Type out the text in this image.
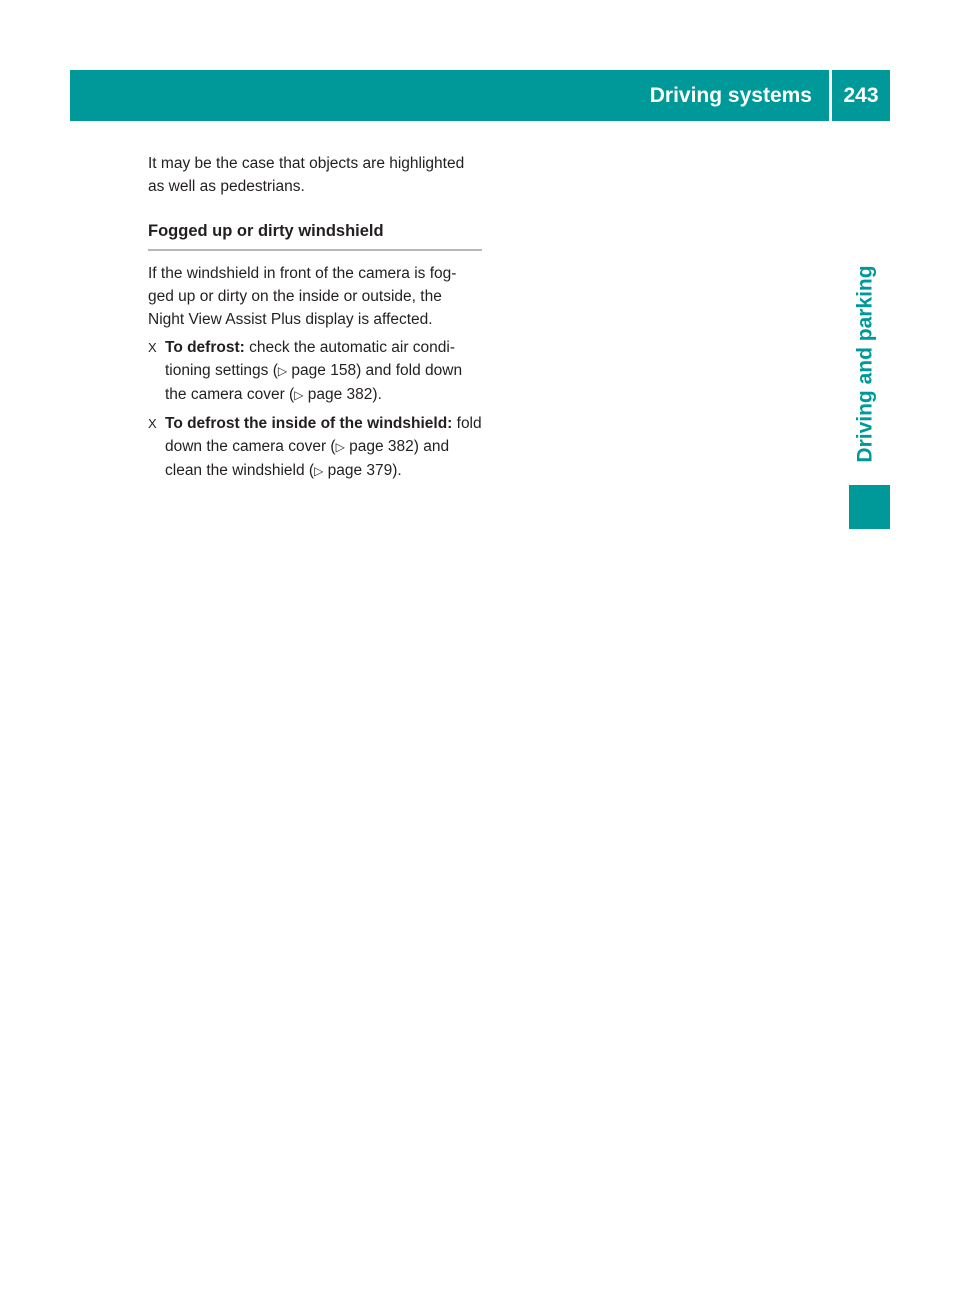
Driving systems	243
Driving and parking

It may be the case that objects are highlighted as well as pedestrians.

Fogged up or dirty windshield

If the windshield in front of the camera is fog-ged up or dirty on the inside or outside, the Night View Assist Plus display is affected.

X To defrost: check the automatic air condi-tioning settings (▷ page 158) and fold down the camera cover (▷ page 382).
X To defrost the inside of the windshield: fold down the camera cover (▷ page 382) and clean the windshield (▷ page 379).
